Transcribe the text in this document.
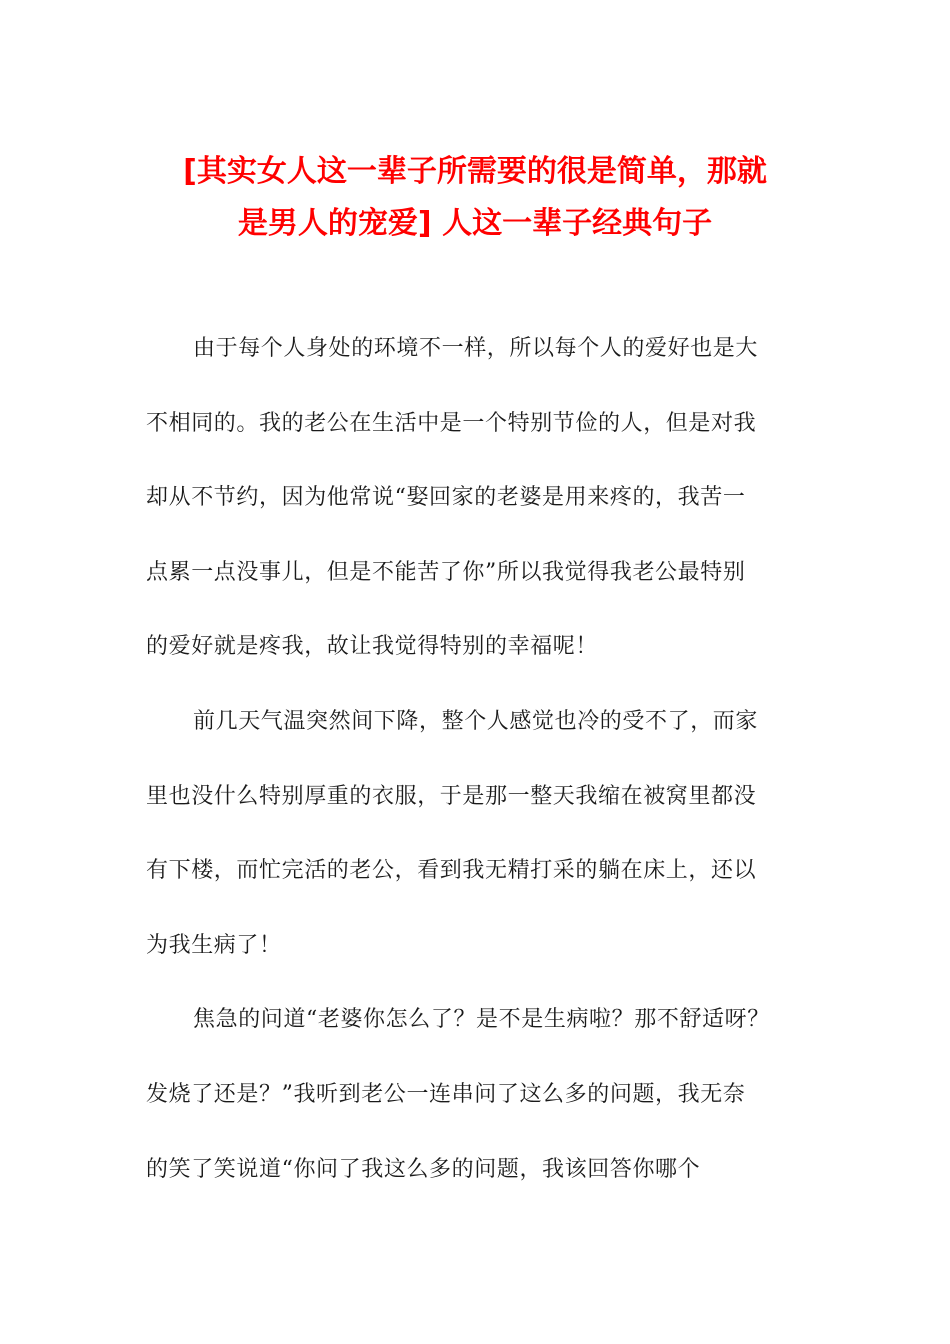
[其实女人这一辈子所需要的很是简单，那就
是男人的宠爱] 人这一辈子经典句子
由于每个人身处的环境不一样，所以每个人的爱好也是大
不相同的。我的老公在生活中是一个特别节俭的人，但是对我
却从不节约，因为他常说“娶回家的老婆是用来疼的，我苦一
点累一点没事儿，但是不能苦了你”所以我觉得我老公最特别
的爱好就是疼我，故让我觉得特别的幸福呢！
前几天气温突然间下降，整个人感觉也冷的受不了，而家
里也没什么特别厚重的衣服，于是那一整天我缩在被窝里都没
有下楼，而忙完活的老公，看到我无精打采的躺在床上，还以
为我生病了！
焦急的问道“老婆你怎么了？是不是生病啦？那不舒适呀？
发烧了还是？”我听到老公一连串问了这么多的问题，我无奈
的笑了笑说道“你问了我这么多的问题，我该回答你哪个
